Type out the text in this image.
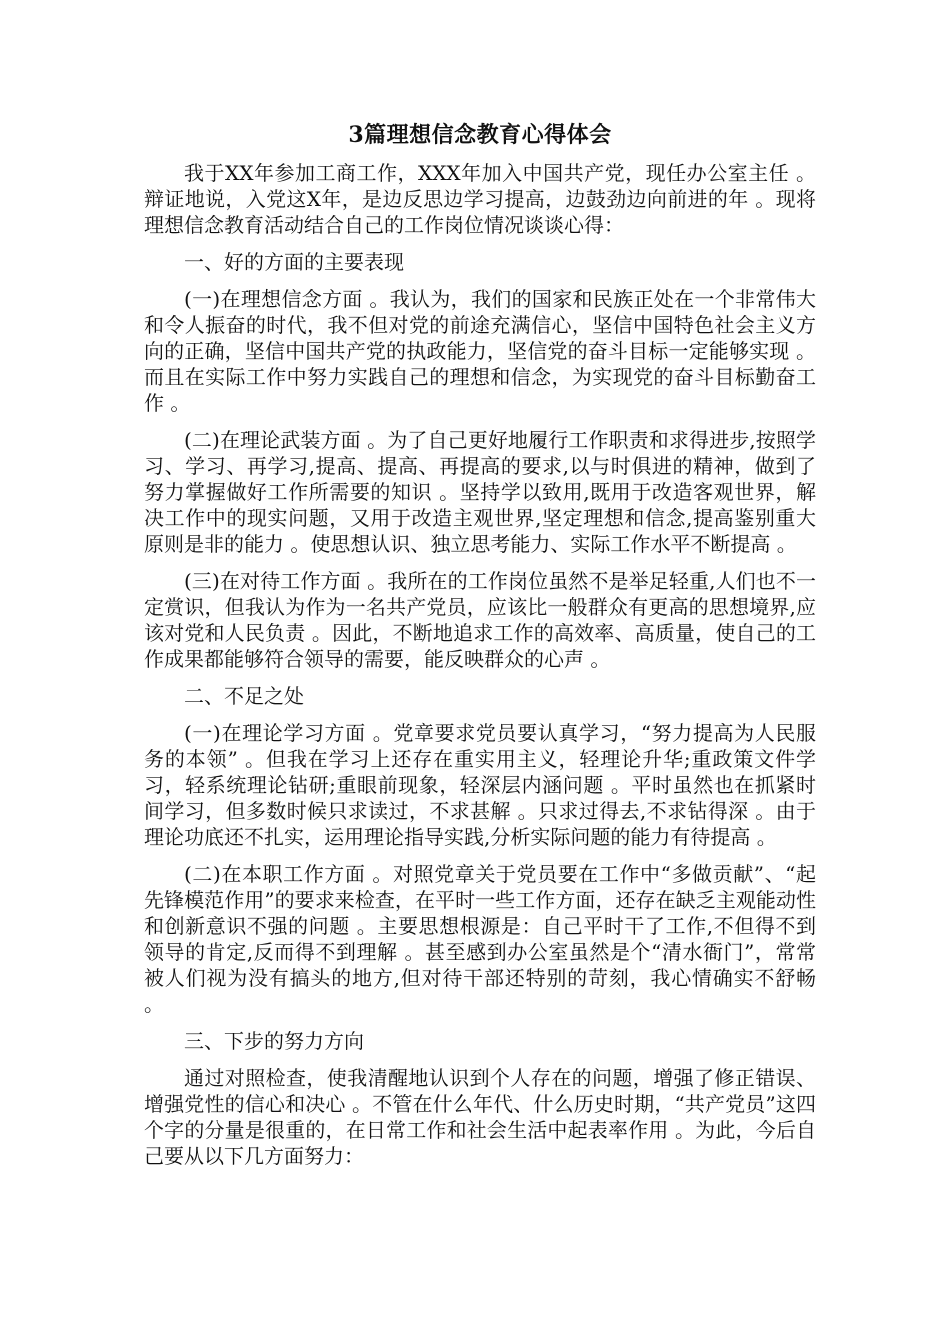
3篇理想信念教育心得体会

我于XX年参加工商工作，XXX年加入中国共产党，现任办公室主任 。辩证地说，入党这X年，是边反思边学习提高，边鼓劲边向前进的年 。现将理想信念教育活动结合自己的工作岗位情况谈谈心得：

一、好的方面的主要表现

(一)在理想信念方面 。我认为，我们的国家和民族正处在一个非常伟大和令人振奋的时代，我不但对党的前途充满信心，坚信中国特色社会主义方向的正确，坚信中国共产党的执政能力，坚信党的奋斗目标一定能够实现 。而且在实际工作中努力实践自己的理想和信念，为实现党的奋斗目标勤奋工作 。

(二)在理论武装方面 。为了自己更好地履行工作职责和求得进步,按照学习、学习、再学习,提高、提高、再提高的要求,以与时俱进的精神，做到了努力掌握做好工作所需要的知识 。坚持学以致用,既用于改造客观世界，解决工作中的现实问题，又用于改造主观世界,坚定理想和信念,提高鉴别重大原则是非的能力 。使思想认识、独立思考能力、实际工作水平不断提高 。

(三)在对待工作方面 。我所在的工作岗位虽然不是举足轻重,人们也不一定赏识，但我认为作为一名共产党员，应该比一般群众有更高的思想境界,应该对党和人民负责 。因此，不断地追求工作的高效率、高质量，使自己的工作成果都能够符合领导的需要，能反映群众的心声 。

二、不足之处

(一)在理论学习方面 。党章要求党员要认真学习，“努力提高为人民服务的本领” 。但我在学习上还存在重实用主义，轻理论升华;重政策文件学习，轻系统理论钻研;重眼前现象，轻深层内涵问题 。平时虽然也在抓紧时间学习，但多数时候只求读过，不求甚解 。只求过得去,不求钻得深 。由于理论功底还不扎实，运用理论指导实践,分析实际问题的能力有待提高 。

(二)在本职工作方面 。对照党章关于党员要在工作中“多做贡献”、“起先锋模范作用”的要求来检查，在平时一些工作方面，还存在缺乏主观能动性和创新意识不强的问题 。主要思想根源是：自己平时干了工作,不但得不到领导的肯定,反而得不到理解 。甚至感到办公室虽然是个“清水衙门”，常常被人们视为没有搞头的地方,但对待干部还特别的苛刻，我心情确实不舒畅 。

三、下步的努力方向

通过对照检查，使我清醒地认识到个人存在的问题，增强了修正错误、增强党性的信心和决心 。不管在什么年代、什么历史时期，“共产党员”这四个字的分量是很重的，在日常工作和社会生活中起表率作用 。为此，今后自己要从以下几方面努力：
